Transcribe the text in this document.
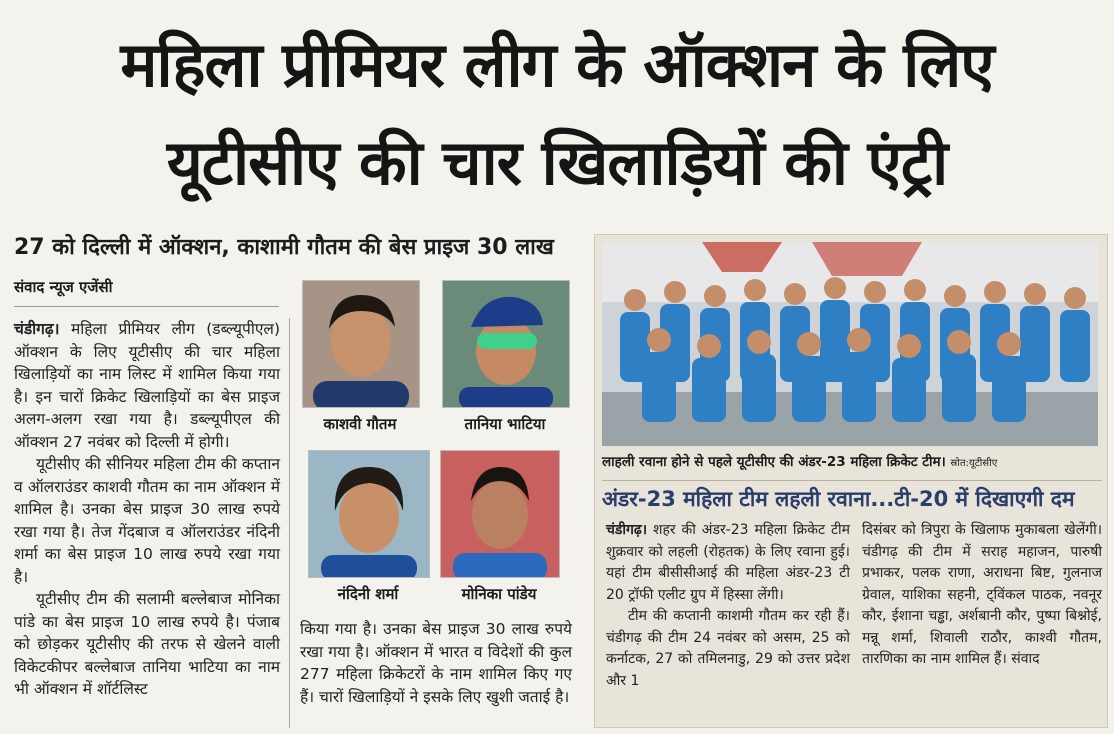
महिला प्रीमियर लीग के ऑक्शन के लिए
यूटीसीए की चार खिलाड़ियों की एंट्री
27 को दिल्ली में ऑक्शन, काशामी गौतम की बेस प्राइज 30 लाख
संवाद न्यूज एजेंसी

चंडीगढ़। महिला प्रीमियर लीग (डब्ल्यूपीएल) ऑक्शन के लिए यूटीसीए की चार महिला खिलाड़ियों का नाम लिस्ट में शामिल किया गया है। इन चारों क्रिकेट खिलाड़ियों का बेस प्राइज अलग-अलग रखा गया है। डब्ल्यूपीएल की ऑक्शन 27 नवंबर को दिल्ली में होगी।

यूटीसीए की सीनियर महिला टीम की कप्तान व ऑलराउंडर काशवी गौतम का नाम ऑक्शन में शामिल है। उनका बेस प्राइज 30 लाख रुपये रखा गया है। तेज गेंदबाज व ऑलराउंडर नंदिनी शर्मा का बेस प्राइज 10 लाख रुपये रखा गया है।

यूटीसीए टीम की सलामी बल्लेबाज मोनिका पांडे का बेस प्राइज 10 लाख रुपये है। पंजाब को छोड़कर यूटीसीए की तरफ से खेलने वाली विकेटकीपर बल्लेबाज तानिया भाटिया का नाम भी ऑक्शन में शॉर्टलिस्ट

किया गया है। उनका बेस प्राइज 30 लाख रुपये रखा गया है। ऑक्शन में भारत व विदेशों की कुल 277 महिला क्रिकेटरों के नाम शामिल किए गए हैं। चारों खिलाड़ियों ने इसके लिए खुशी जताई है।

काशवी गौतम	तानिया भाटिया
नंदिनी शर्मा	मोनिका पांडेय
लाहली रवाना होने से पहले यूटीसीए की अंडर-23 महिला क्रिकेट टीम। स्रोत:यूटीसीए
अंडर-23 महिला टीम लहली रवाना...टी-20 में दिखाएगी दम

चंडीगढ़। शहर की अंडर-23 महिला क्रिकेट टीम शुक्रवार को लहली (रोहतक) के लिए रवाना हुई। यहां टीम बीसीसीआई की महिला अंडर-23 टी 20 ट्रॉफी एलीट ग्रुप में हिस्सा लेंगी।

टीम की कप्तानी काशमी गौतम कर रही हैं। चंडीगढ़ की टीम 24 नवंबर को असम, 25 को कर्नाटक, 27 को तमिलनाडु, 29 को उत्तर प्रदेश और 1

दिसंबर को त्रिपुरा के खिलाफ मुकाबला खेलेंगी। चंडीगढ़ की टीम में सराह महाजन, पारुषी प्रभाकर, पलक राणा, अराधना बिष्ट, गुलनाज ग्रेवाल, याशिका सहनी, ट्विंकल पाठक, नवनूर कौर, ईशाना चड्ढा, अर्शबानी कौर, पुष्पा बिश्नोई, मन्नू शर्मा, शिवाली राठौर, काश्वी गौतम, तारणिका का नाम शामिल हैं। संवाद
